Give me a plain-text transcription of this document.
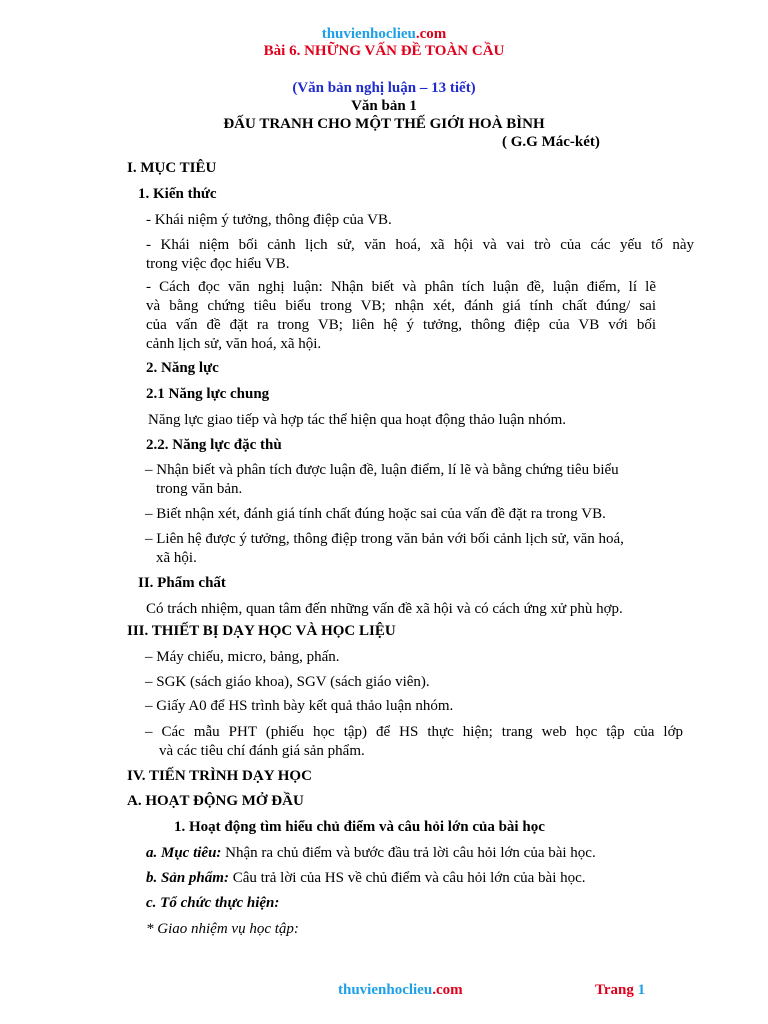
thuvienhoclieu.com
Bài 6. NHỮNG VẤN ĐỀ TOÀN CẦU
(Văn bản nghị luận – 13 tiết)
Văn bản 1
ĐẤU TRANH CHO MỘT THẾ GIỚI HOÀ BÌNH
( G.G Mác-két)
I. MỤC TIÊU
1. Kiến thức
- Khái niệm ý tưởng, thông điệp của VB.
- Khái niệm bối cảnh lịch sử, văn hoá, xã hội và vai trò của các yếu tố này
trong việc đọc hiểu VB.
- Cách đọc văn nghị luận: Nhận biết và phân tích luận đề, luận điểm, lí lẽ
và bằng chứng tiêu biểu trong VB; nhận xét, đánh giá tính chất đúng/ sai
của vấn đề đặt ra trong VB; liên hệ ý tưởng, thông điệp của VB với bối
cảnh lịch sử, văn hoá, xã hội.
2. Năng lực
2.1 Năng lực chung
Năng lực giao tiếp và hợp tác thể hiện qua hoạt động thảo luận nhóm.
2.2. Năng lực đặc thù
– Nhận biết và phân tích được luận đề, luận điểm, lí lẽ và bằng chứng tiêu biểu
trong văn bản.
– Biết nhận xét, đánh giá tính chất đúng hoặc sai của vấn đề đặt ra trong VB.
– Liên hệ được ý tưởng, thông điệp trong văn bản với bối cảnh lịch sử, văn hoá,
xã hội.
II. Phẩm chất
Có trách nhiệm, quan tâm đến những vấn đề xã hội và có cách ứng xử phù hợp.
III. THIẾT BỊ DẠY HỌC VÀ HỌC LIỆU
– Máy chiếu, micro, bảng, phấn.
– SGK (sách giáo khoa), SGV (sách giáo viên).
– Giấy A0 để HS trình bày kết quả thảo luận nhóm.
– Các mẫu PHT (phiếu học tập) để HS thực hiện; trang web học tập của lớp
và các tiêu chí đánh giá sản phẩm.
IV. TIẾN TRÌNH DẠY HỌC
A. HOẠT ĐỘNG MỞ ĐẦU
1. Hoạt động tìm hiểu chủ điểm và câu hỏi lớn của bài học
a. Mục tiêu: Nhận ra chủ điểm và bước đầu trả lời câu hỏi lớn của bài học.
b. Sản phẩm: Câu trả lời của HS về chủ điểm và câu hỏi lớn của bài học.
c. Tổ chức thực hiện:
* Giao nhiệm vụ học tập:
thuvienhoclieu.com	Trang 1
